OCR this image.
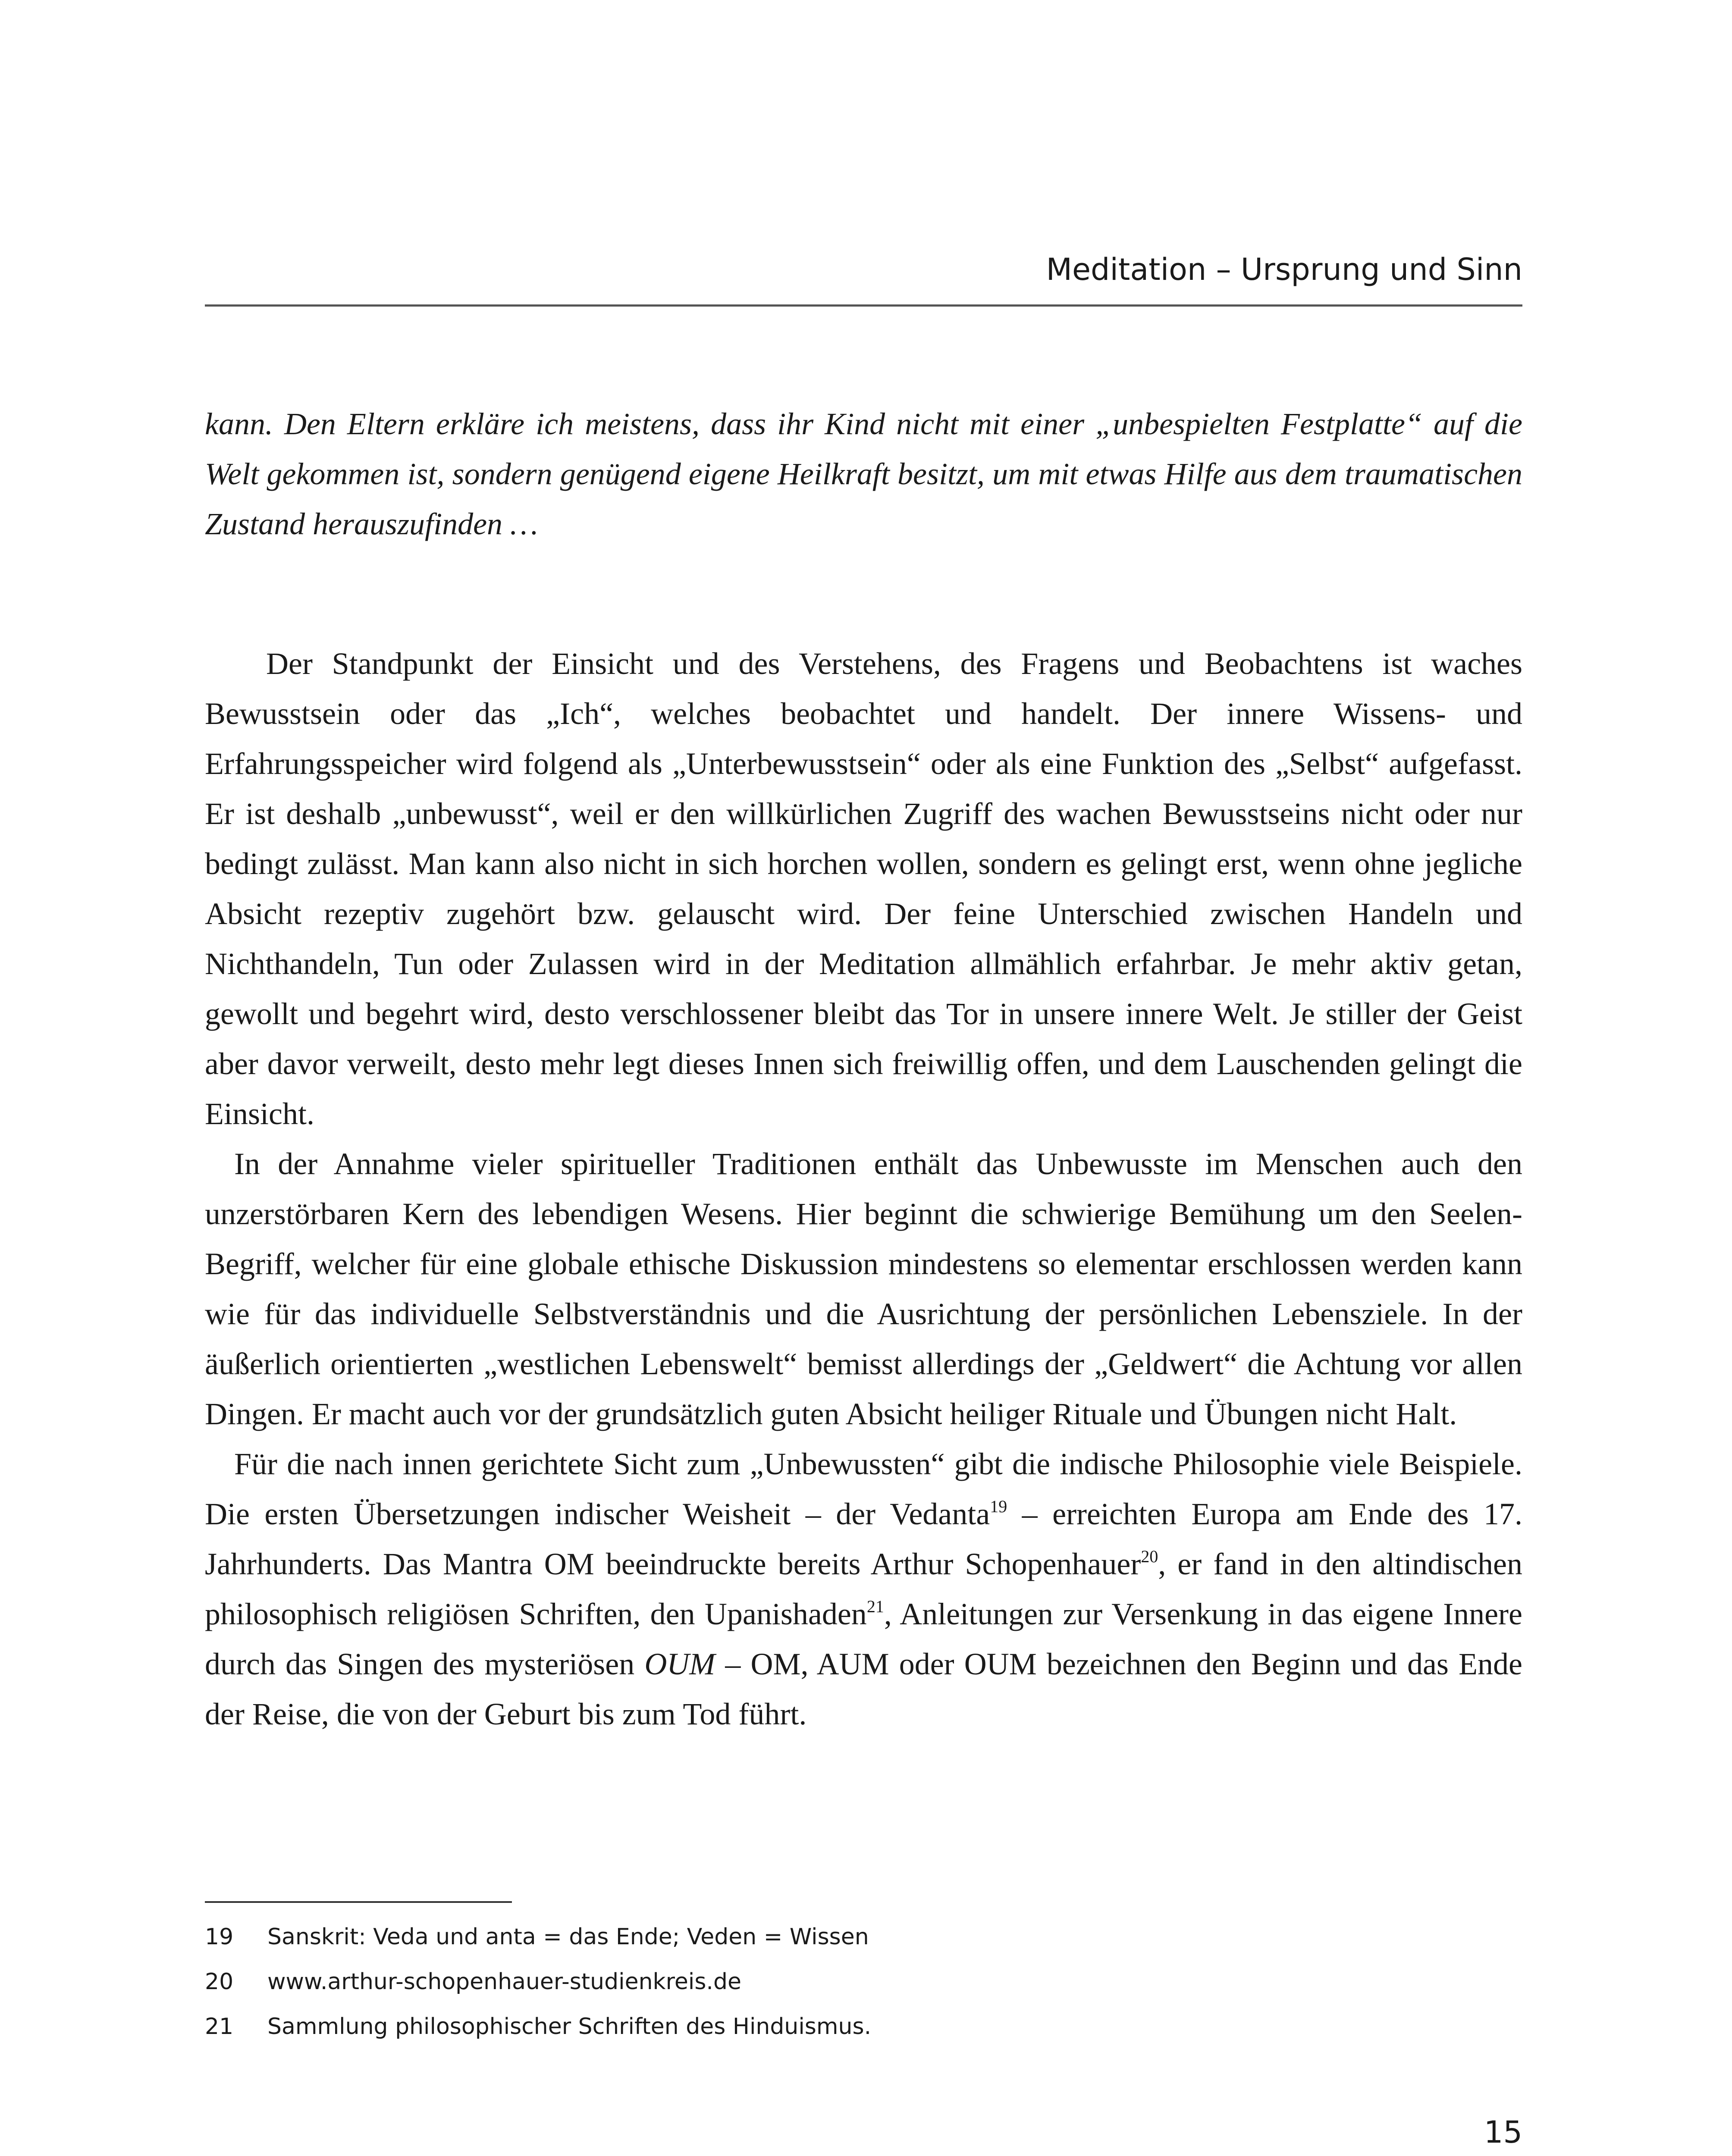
Meditation – Ursprung und Sinn

kann. Den Eltern erkläre ich meistens, dass ihr Kind nicht mit einer „unbespielten Festplatte“ auf die Welt gekommen ist, sondern genügend eigene Heilkraft besitzt, um mit etwas Hilfe aus dem traumatischen Zustand herauszufinden …

Der Standpunkt der Einsicht und des Verstehens, des Fragens und Beobachtens ist waches Bewusstsein oder das „Ich“, welches beobachtet und handelt. Der innere Wissens- und Erfahrungsspeicher wird folgend als „Unterbewusstsein“ oder als eine Funktion des „Selbst“ aufgefasst. Er ist deshalb „unbewusst“, weil er den willkürlichen Zugriff des wachen Bewusstseins nicht oder nur bedingt zulässt. Man kann also nicht in sich horchen wollen, sondern es gelingt erst, wenn ohne jegliche Absicht rezeptiv zugehört bzw. gelauscht wird. Der feine Unterschied zwischen Handeln und Nichthandeln, Tun oder Zulassen wird in der Meditation allmählich erfahrbar. Je mehr aktiv getan, gewollt und begehrt wird, desto verschlossener bleibt das Tor in unsere innere Welt. Je stiller der Geist aber davor verweilt, desto mehr legt dieses Innen sich freiwillig offen, und dem Lauschenden gelingt die Einsicht.

In der Annahme vieler spiritueller Traditionen enthält das Unbewusste im Menschen auch den unzerstörbaren Kern des lebendigen Wesens. Hier beginnt die schwierige Bemühung um den Seelen-Begriff, welcher für eine globale ethische Diskussion mindestens so elementar erschlossen werden kann wie für das individuelle Selbstverständnis und die Ausrichtung der persönlichen Lebensziele. In der äußerlich orientierten „westlichen Lebenswelt“ bemisst allerdings der „Geldwert“ die Achtung vor allen Dingen. Er macht auch vor der grundsätzlich guten Absicht heiliger Rituale und Übungen nicht Halt.

Für die nach innen gerichtete Sicht zum „Unbewussten“ gibt die indische Philosophie viele Beispiele. Die ersten Übersetzungen indischer Weisheit – der Vedanta$^{19}$ – erreichten Europa am Ende des 17. Jahrhunderts. Das Mantra OM beeindruckte bereits Arthur Schopenhauer$^{20}$, er fand in den altindischen philosophisch religiösen Schriften, den Upanishaden$^{21}$, Anleitungen zur Versenkung in das eigene Innere durch das Singen des mysteriösen OUM – OM, AUM oder OUM bezeichnen den Beginn und das Ende der Reise, die von der Geburt bis zum Tod führt.

19	Sanskrit: Veda und anta = das Ende; Veden = Wissen
20	www.arthur-schopenhauer-studienkreis.de
21	Sammlung philosophischer Schriften des Hinduismus.
15
